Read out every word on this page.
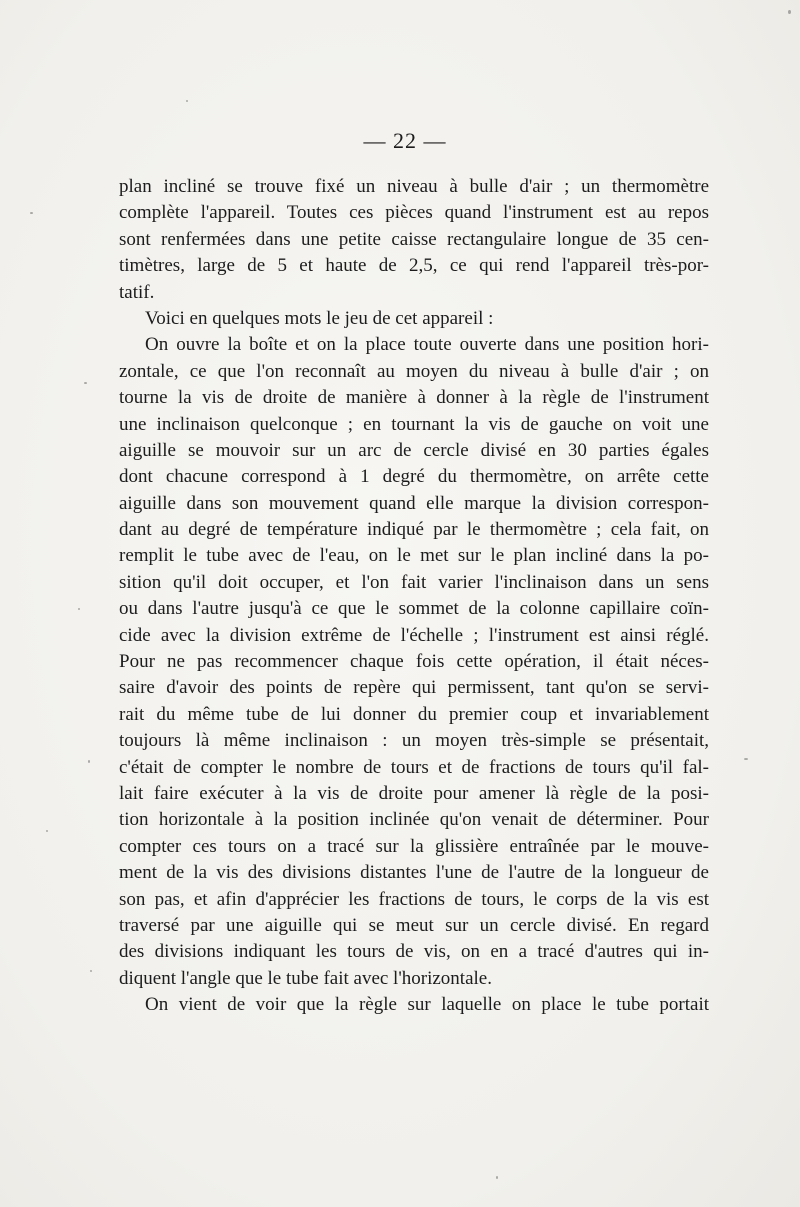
— 22 —
plan incliné se trouve fixé un niveau à bulle d'air ; un thermomètre
complète l'appareil. Toutes ces pièces quand l'instrument est au repos
sont renfermées dans une petite caisse rectangulaire longue de 35 cen-
timètres, large de 5 et haute de 2,5, ce qui rend l'appareil très-por-
tatif.
Voici en quelques mots le jeu de cet appareil :
On ouvre la boîte et on la place toute ouverte dans une position hori-
zontale, ce que l'on reconnaît au moyen du niveau à bulle d'air ; on
tourne la vis de droite de manière à donner à la règle de l'instrument
une inclinaison quelconque ; en tournant la vis de gauche on voit une
aiguille se mouvoir sur un arc de cercle divisé en 30 parties égales
dont chacune correspond à 1 degré du thermomètre, on arrête cette
aiguille dans son mouvement quand elle marque la division correspon-
dant au degré de température indiqué par le thermomètre ; cela fait, on
remplit le tube avec de l'eau, on le met sur le plan incliné dans la po-
sition qu'il doit occuper, et l'on fait varier l'inclinaison dans un sens
ou dans l'autre jusqu'à ce que le sommet de la colonne capillaire coïn-
cide avec la division extrême de l'échelle ; l'instrument est ainsi réglé.
Pour ne pas recommencer chaque fois cette opération, il était néces-
saire d'avoir des points de repère qui permissent, tant qu'on se servi-
rait du même tube de lui donner du premier coup et invariablement
toujours là même inclinaison : un moyen très-simple se présentait,
c'était de compter le nombre de tours et de fractions de tours qu'il fal-
lait faire exécuter à la vis de droite pour amener là règle de la posi-
tion horizontale à la position inclinée qu'on venait de déterminer. Pour
compter ces tours on a tracé sur la glissière entraînée par le mouve-
ment de la vis des divisions distantes l'une de l'autre de la longueur de
son pas, et afin d'apprécier les fractions de tours, le corps de la vis est
traversé par une aiguille qui se meut sur un cercle divisé. En regard
des divisions indiquant les tours de vis, on en a tracé d'autres qui in-
diquent l'angle que le tube fait avec l'horizontale.
On vient de voir que la règle sur laquelle on place le tube portait
